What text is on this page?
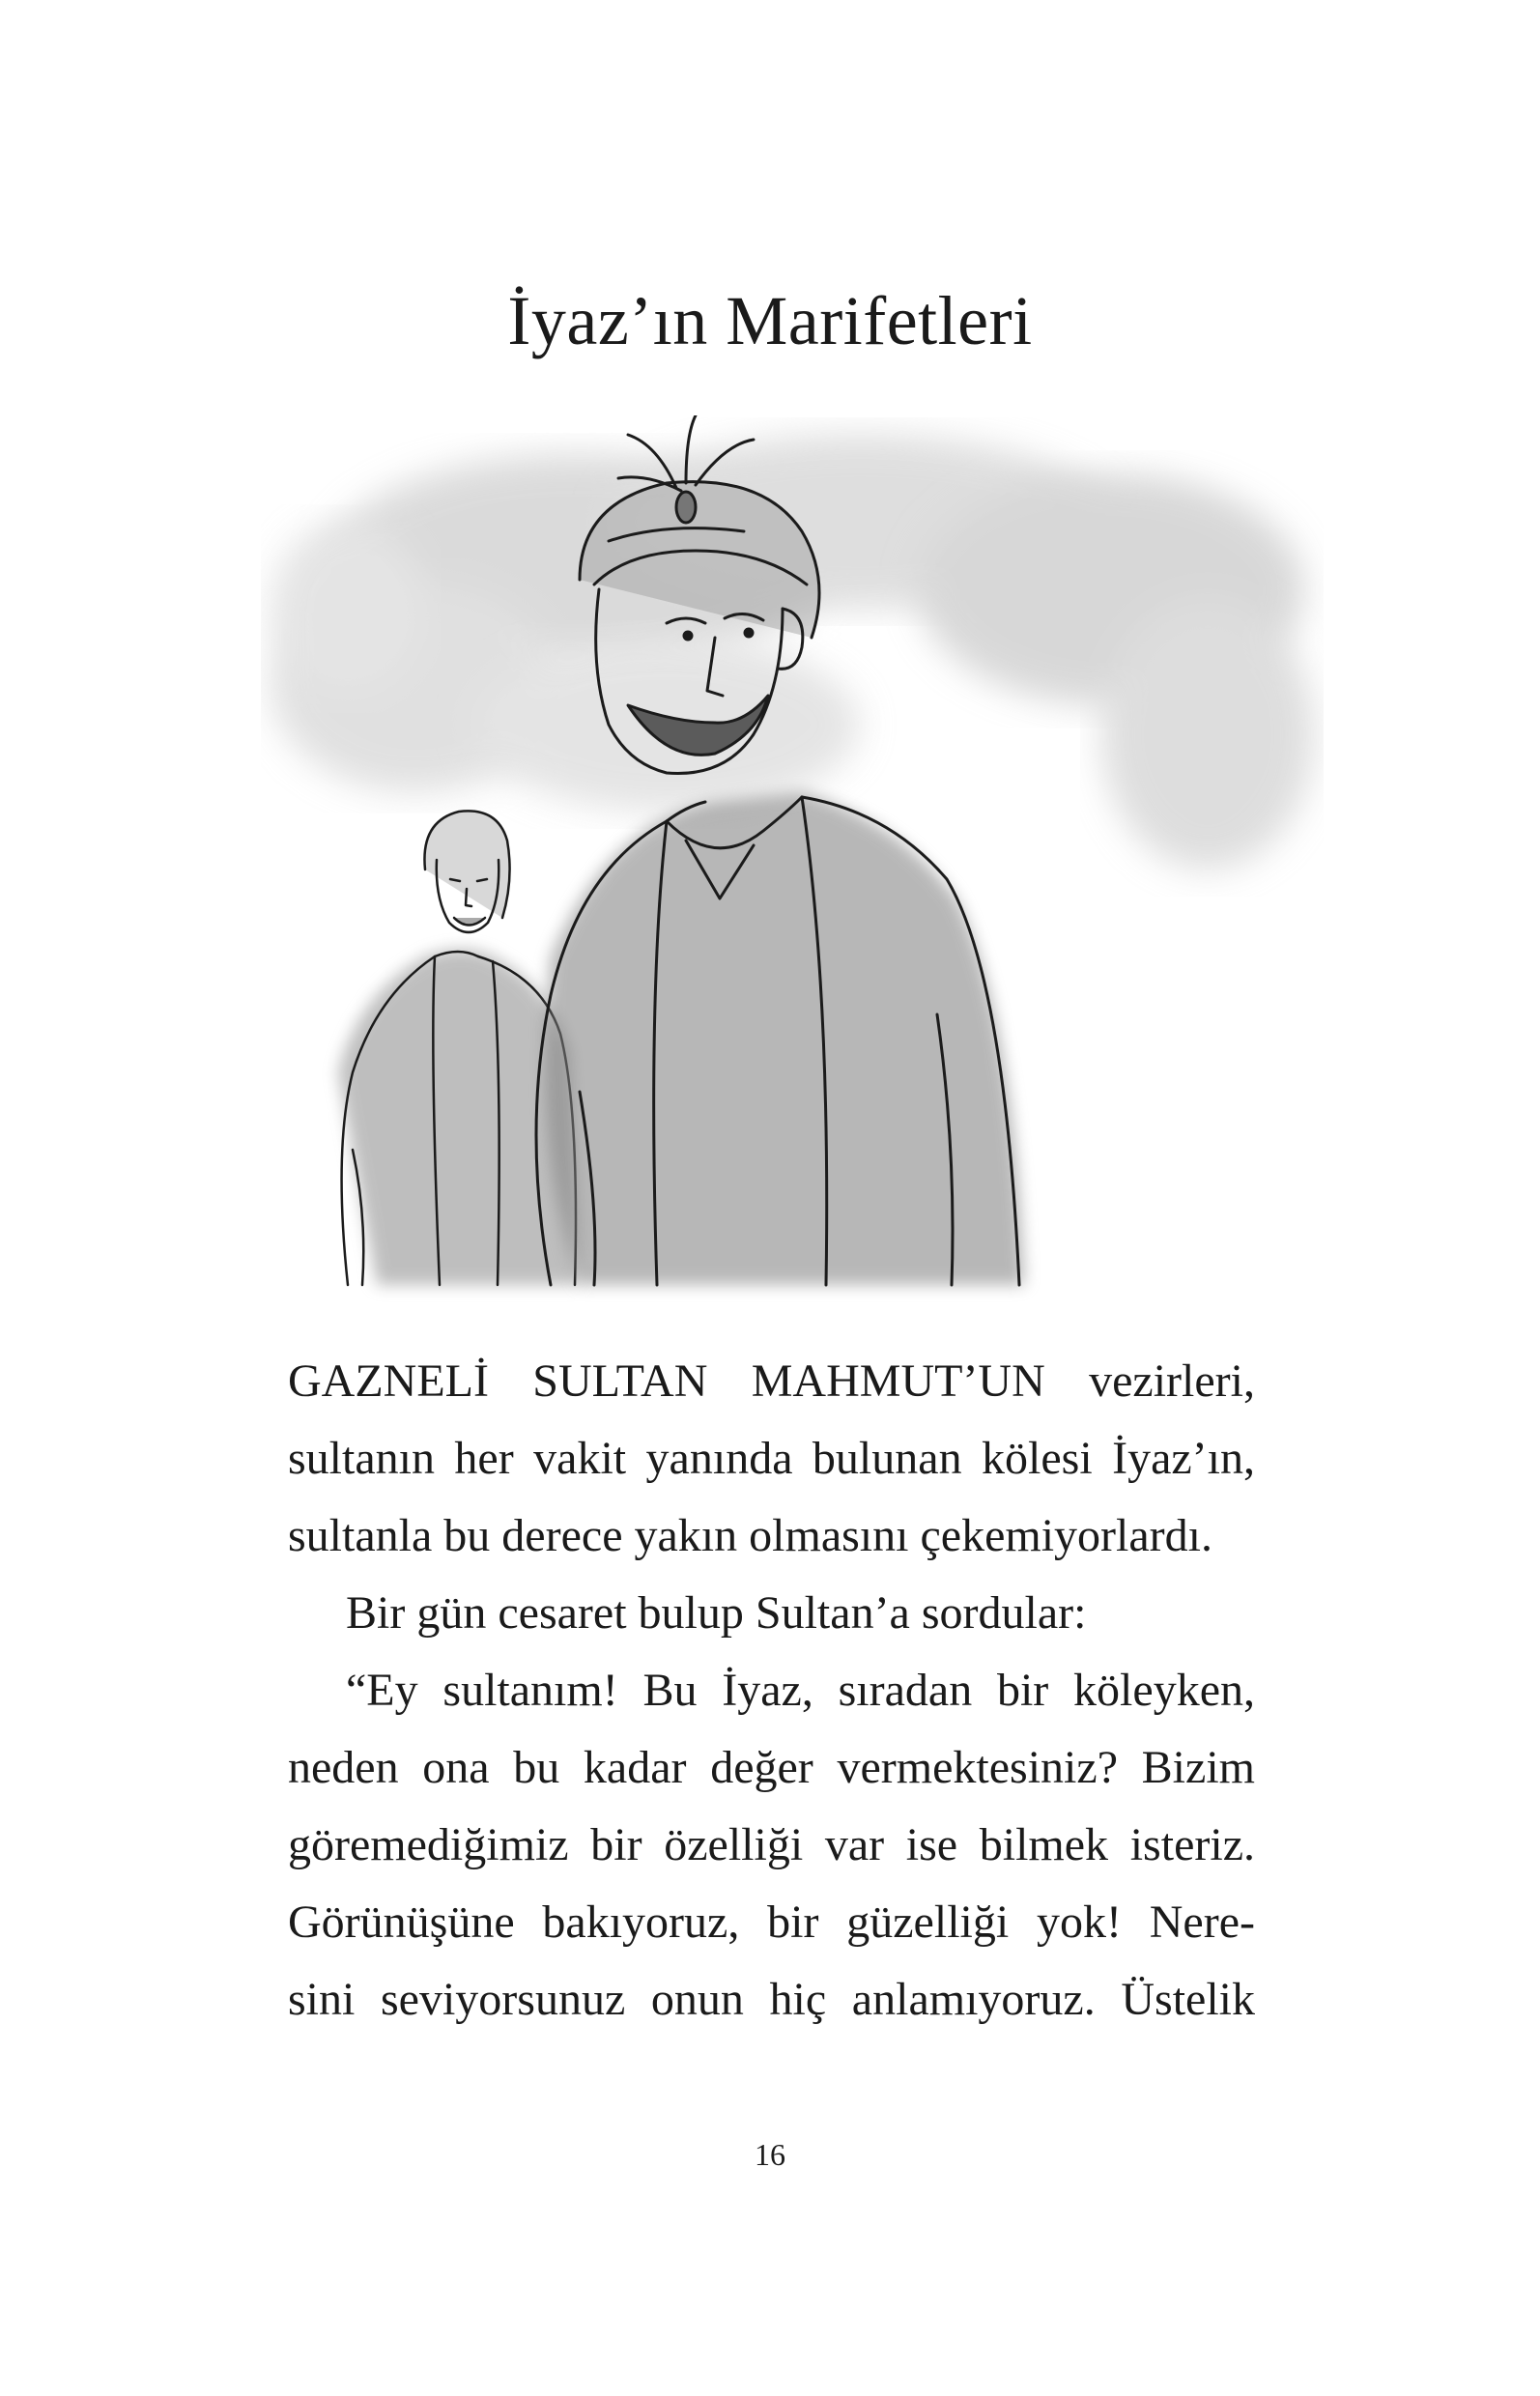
İyaz’ın Marifetleri
GAZNELİ SULTAN MAHMUT’UN vezirleri,
sultanın her vakit yanında bulunan kölesi İyaz’ın,
sultanla bu derece yakın olmasını çekemiyorlardı.
Bir gün cesaret bulup Sultan’a sordular:
“Ey sultanım! Bu İyaz, sıradan bir köleyken,
neden ona bu kadar değer vermektesiniz? Bizim
göremediğimiz bir özelliği var ise bilmek isteriz.
Görünüşüne bakıyoruz, bir güzelliği yok! Nere-
sini seviyorsunuz onun hiç anlamıyoruz. Üstelik
16
